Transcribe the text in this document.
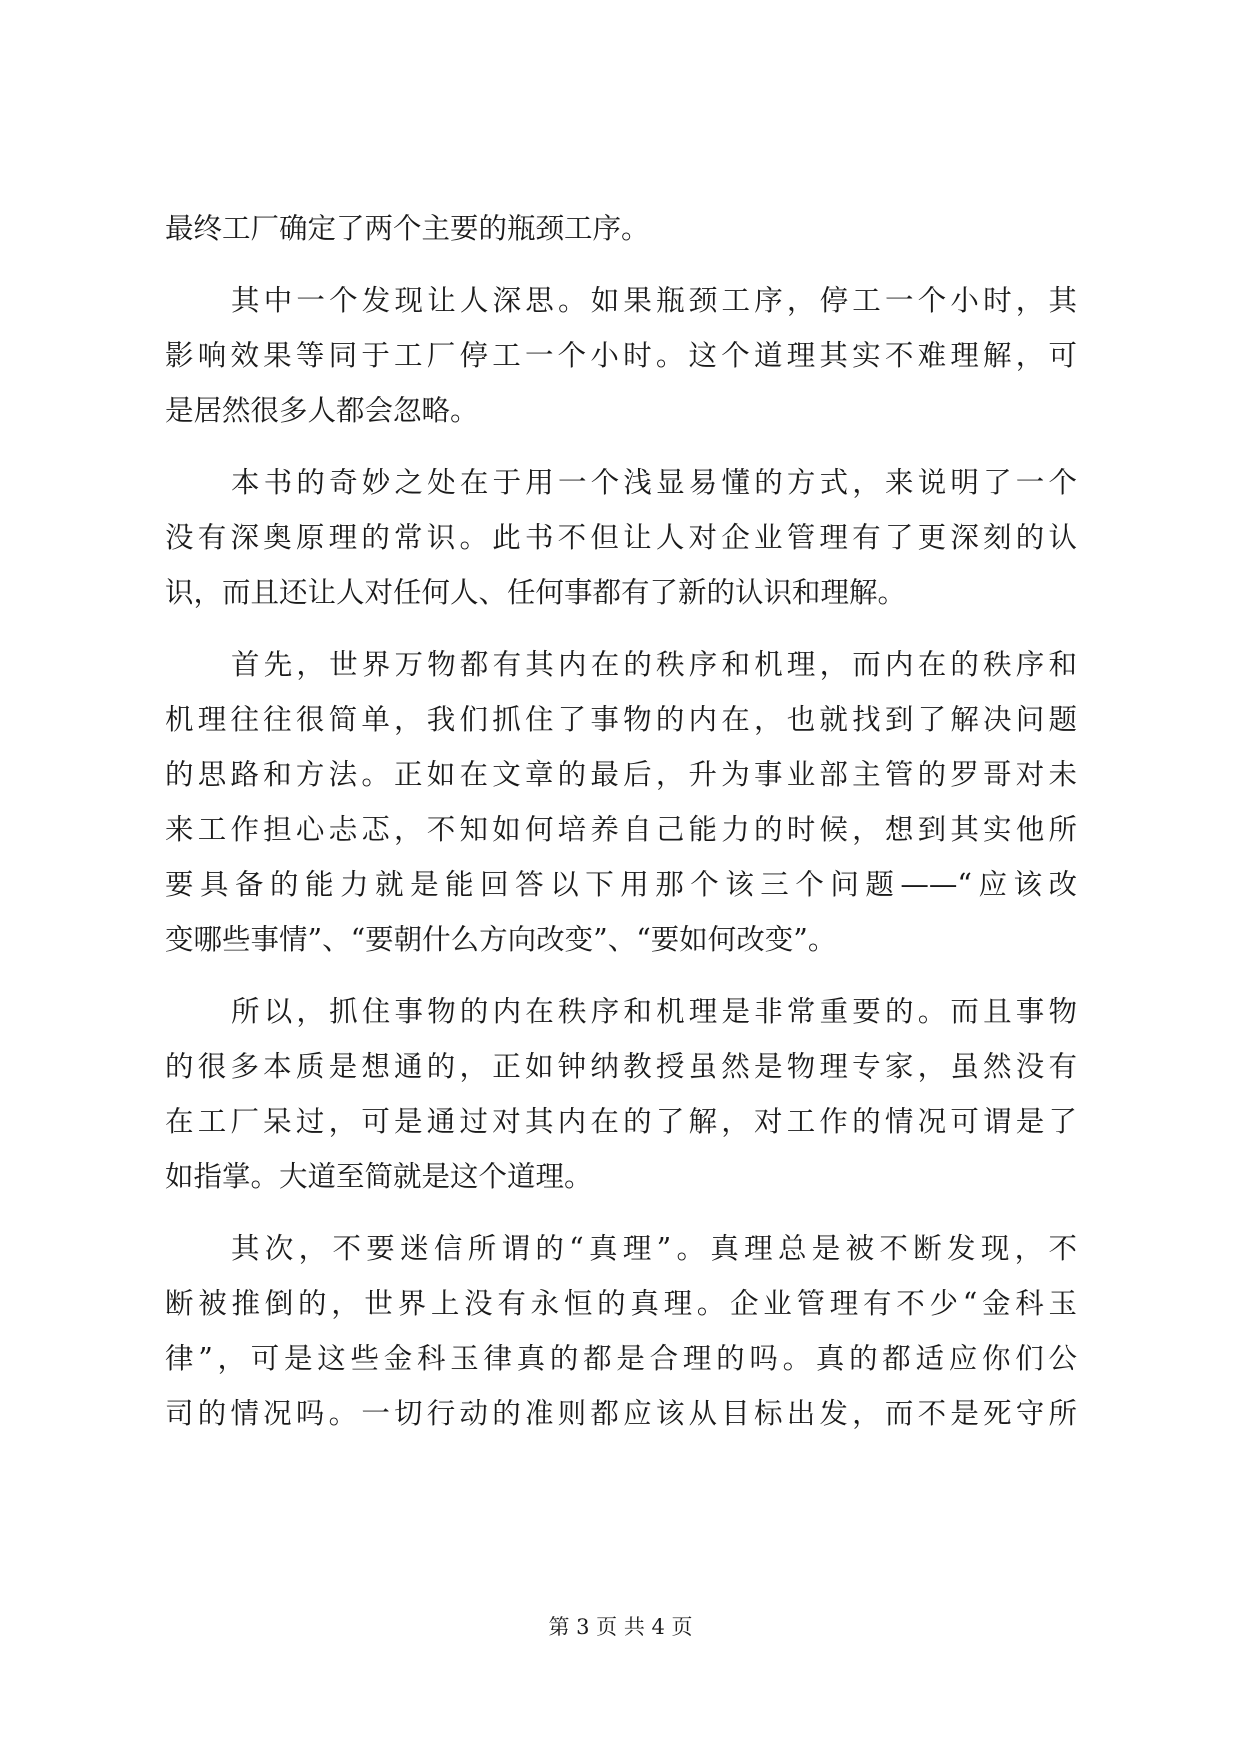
最终工厂确定了两个主要的瓶颈工序。
其中一个发现让人深思。如果瓶颈工序，停工一个小时，其
影响效果等同于工厂停工一个小时。这个道理其实不难理解，可
是居然很多人都会忽略。
本书的奇妙之处在于用一个浅显易懂的方式，来说明了一个
没有深奥原理的常识。此书不但让人对企业管理有了更深刻的认
识，而且还让人对任何人、任何事都有了新的认识和理解。
首先，世界万物都有其内在的秩序和机理，而内在的秩序和
机理往往很简单，我们抓住了事物的内在，也就找到了解决问题
的思路和方法。正如在文章的最后，升为事业部主管的罗哥对未
来工作担心忐忑，不知如何培养自己能力的时候，想到其实他所
要具备的能力就是能回答以下用那个该三个问题——“应该改
变哪些事情”、“要朝什么方向改变”、“要如何改变”。
所以，抓住事物的内在秩序和机理是非常重要的。而且事物
的很多本质是想通的，正如钟纳教授虽然是物理专家，虽然没有
在工厂呆过，可是通过对其内在的了解，对工作的情况可谓是了
如指掌。大道至简就是这个道理。
其次，不要迷信所谓的“真理”。真理总是被不断发现，不
断被推倒的，世界上没有永恒的真理。企业管理有不少“金科玉
律”，可是这些金科玉律真的都是合理的吗。真的都适应你们公
司的情况吗。一切行动的准则都应该从目标出发，而不是死守所
第 3 页 共 4 页
